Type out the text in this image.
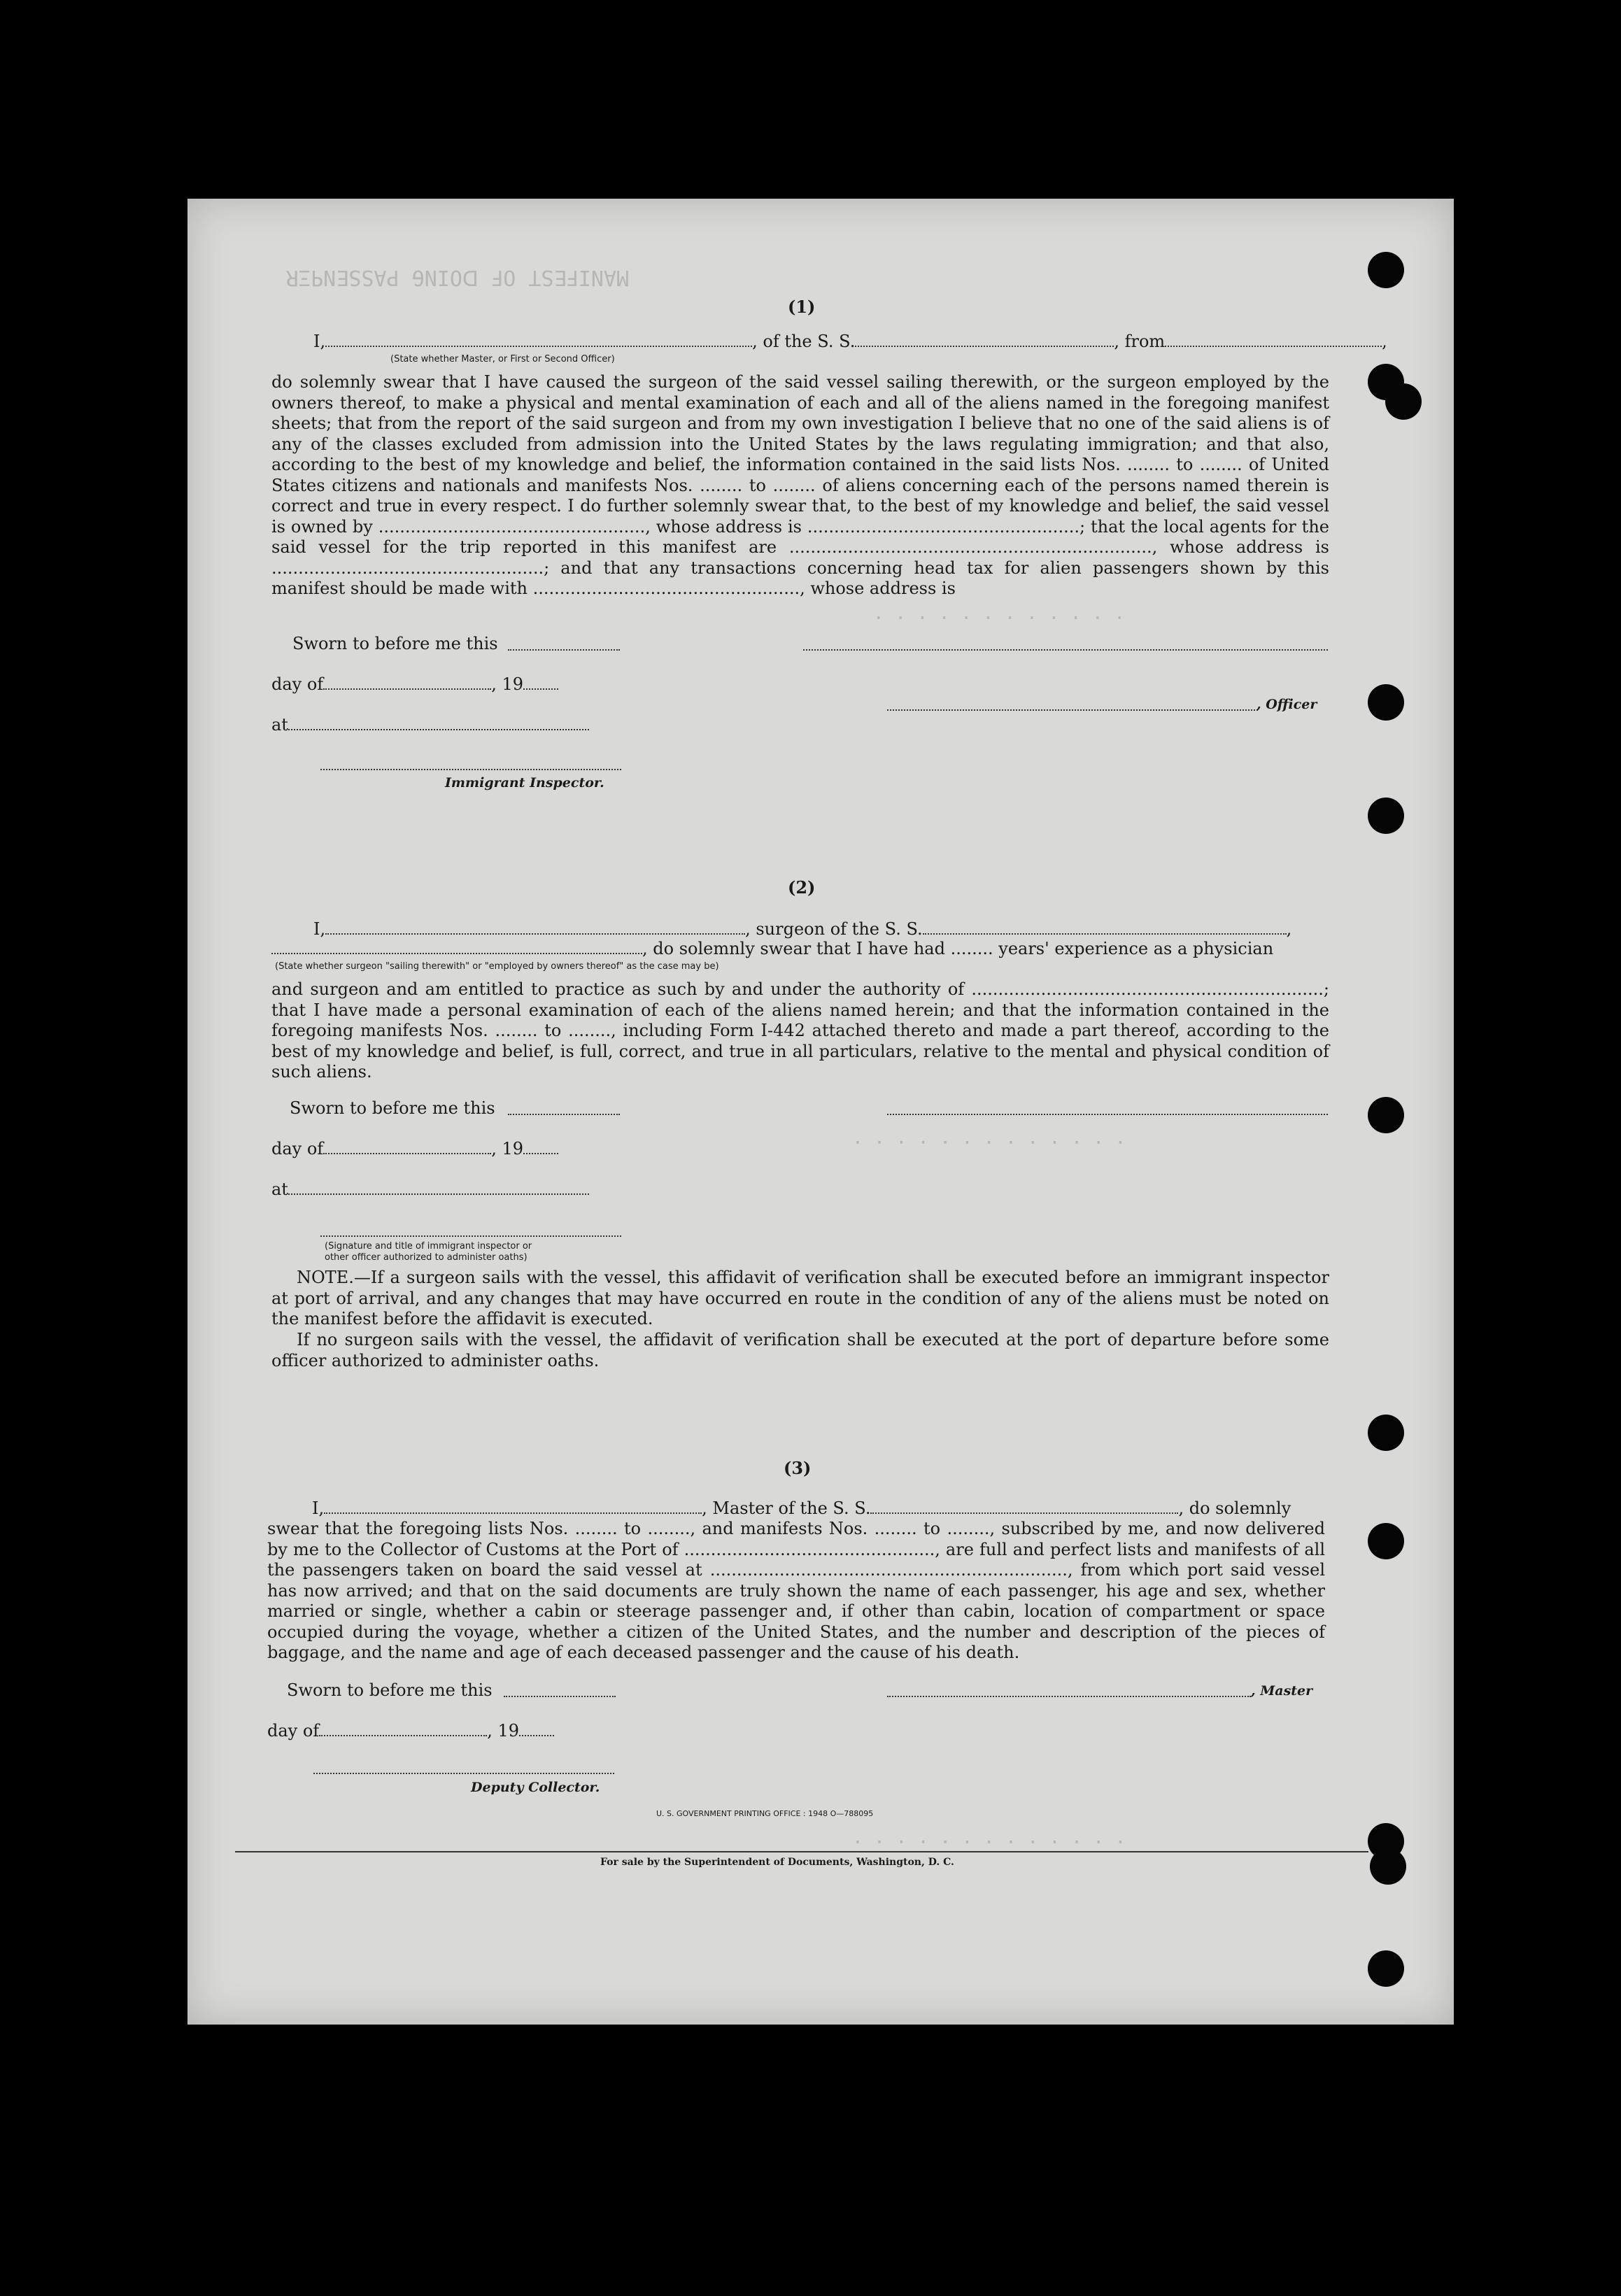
ЯΞPИƎƧƧAꟼ ӘИIOꓷ ꟻO TƧƎꟻIИAM
. . . . . . . . . . . .
. . . . . . . . . . . . .
. . . . . . . . . . . . .
(1)
I,	, of the S. S.	, from	,
(State whether Master, or First or Second Officer)
do solemnly swear that I have caused the surgeon of the said vessel sailing therewith, or the surgeon employed by the owners thereof, to make a physical and mental examination of each and all of the aliens named in the foregoing manifest sheets; that from the report of the said surgeon and from my own investigation I believe that no one of the said aliens is of any of the classes excluded from admission into the United States by the laws regulating immigration; and that also, according to the best of my knowledge and belief, the information contained in the said lists Nos. ........ to ........ of United States citizens and nationals and manifests Nos. ........ to ........ of aliens concerning each of the persons named therein is correct and true in every respect. I do further solemnly swear that, to the best of my knowledge and belief, the said vessel is owned by .................................................., whose address is ...................................................; that the local agents for the said vessel for the trip reported in this manifest are ...................................................................., whose address is ...................................................; and that any transactions concerning head tax for alien passengers shown by this manifest should be made with .................................................., whose address is
Sworn to before me this
day of	, 19
, Officer
at
Immigrant Inspector.
(2)
I,	, surgeon of the S. S.	,
, do solemnly swear that I have had ........ years' experience as a physician
(State whether surgeon "sailing therewith" or "employed by owners thereof" as the case may be)
and surgeon and am entitled to practice as such by and under the authority of ..................................................................; that I have made a personal examination of each of the aliens named herein; and that the information contained in the foregoing manifests Nos. ........ to ........, including Form I-442 attached thereto and made a part thereof, according to the best of my knowledge and belief, is full, correct, and true in all particulars, relative to the mental and physical condition of such aliens.
Sworn to before me this
day of	, 19
at
(Signature and title of immigrant inspector or
other officer authorized to administer oaths)
NOTE.—If a surgeon sails with the vessel, this affidavit of verification shall be executed before an immigrant inspector at port of arrival, and any changes that may have occurred en route in the condition of any of the aliens must be noted on the manifest before the affidavit is executed.
If no surgeon sails with the vessel, the affidavit of verification shall be executed at the port of departure before some officer authorized to administer oaths.
(3)
I,	, Master of the S. S.	, do solemnly
swear that the foregoing lists Nos. ........ to ........, and manifests Nos. ........ to ........, subscribed by me, and now delivered by me to the Collector of Customs at the Port of ..............................................., are full and perfect lists and manifests of all the passengers taken on board the said vessel at ..................................................................., from which port said vessel has now arrived; and that on the said documents are truly shown the name of each passenger, his age and sex, whether married or single, whether a cabin or steerage passenger and, if other than cabin, location of compartment or space occupied during the voyage, whether a citizen of the United States, and the number and description of the pieces of baggage, and the name and age of each deceased passenger and the cause of his death.
Sworn to before me this	, Master
day of	, 19
Deputy Collector.
U. S. GOVERNMENT PRINTING OFFICE : 1948 O—788095
For sale by the Superintendent of Documents, Washington, D. C.
